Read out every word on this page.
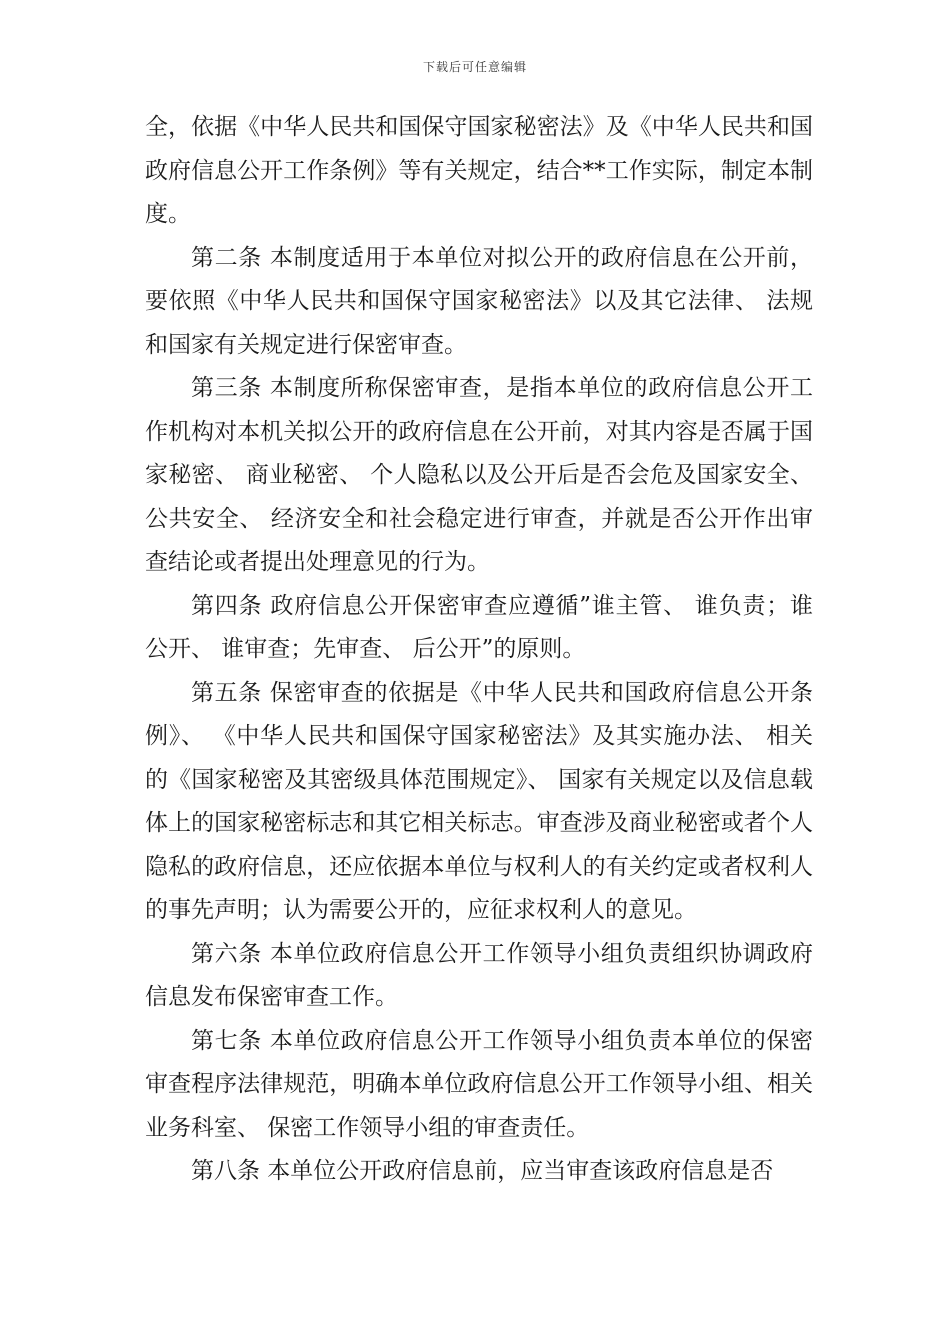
下载后可任意编辑

全，依据《中华人民共和国保守国家秘密法》及《中华人民共和国政府信息公开工作条例》等有关规定，结合**工作实际，制定本制度。

第二条 本制度适用于本单位对拟公开的政府信息在公开前，要依照《中华人民共和国保守国家秘密法》以及其它法律、 法规和国家有关规定进行保密审查。

第三条 本制度所称保密审查，是指本单位的政府信息公开工作机构对本机关拟公开的政府信息在公开前，对其内容是否属于国家秘密、 商业秘密、 个人隐私以及公开后是否会危及国家安全、 公共安全、 经济安全和社会稳定进行审查，并就是否公开作出审查结论或者提出处理意见的行为。

第四条 政府信息公开保密审查应遵循”谁主管、 谁负责；谁公开、 谁审查；先审查、 后公开”的原则。

第五条 保密审查的依据是《中华人民共和国政府信息公开条例》、 《中华人民共和国保守国家秘密法》及其实施办法、 相关的《国家秘密及其密级具体范围规定》、 国家有关规定以及信息载体上的国家秘密标志和其它相关标志。审查涉及商业秘密或者个人隐私的政府信息，还应依据本单位与权利人的有关约定或者权利人的事先声明；认为需要公开的，应征求权利人的意见。

第六条 本单位政府信息公开工作领导小组负责组织协调政府信息发布保密审查工作。

第七条 本单位政府信息公开工作领导小组负责本单位的保密审查程序法律规范，明确本单位政府信息公开工作领导小组、相关业务科室、 保密工作领导小组的审查责任。

第八条 本单位公开政府信息前，应当审查该政府信息是否
